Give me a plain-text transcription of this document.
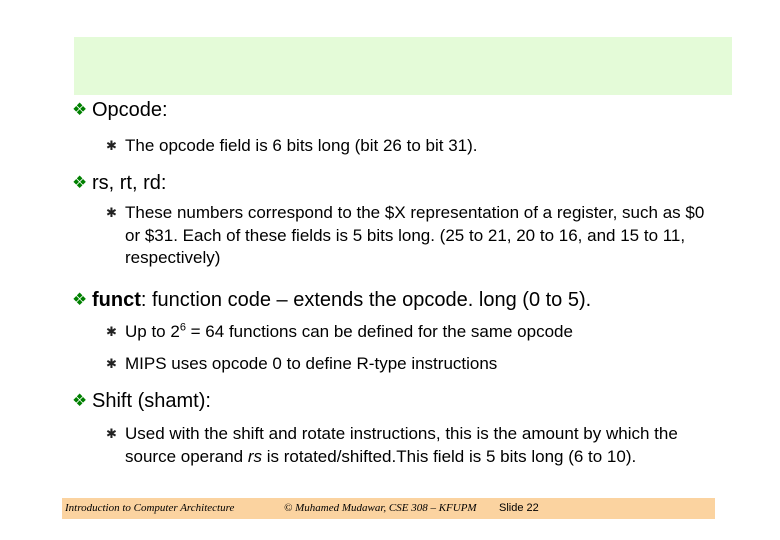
❖ Opcode:
✱ The opcode field is 6 bits long (bit 26 to bit 31).
❖ rs, rt, rd:
✱ These numbers correspond to the $X representation of a register, such as $0 or $31. Each of these fields is 5 bits long. (25 to 21, 20 to 16, and 15 to 11, respectively)
❖ funct: function code – extends the opcode. long (0 to 5).
✱ Up to $2^6 = 64$ functions can be defined for the same opcode
✱ MIPS uses opcode 0 to define R-type instructions
❖ Shift (shamt):
✱ Used with the shift and rotate instructions, this is the amount by which the source operand rs is rotated/shifted.This field is 5 bits long (6 to 10).
Introduction to Computer Architecture	© Muhamed Mudawar, CSE 308 – KFUPM Slide 22
